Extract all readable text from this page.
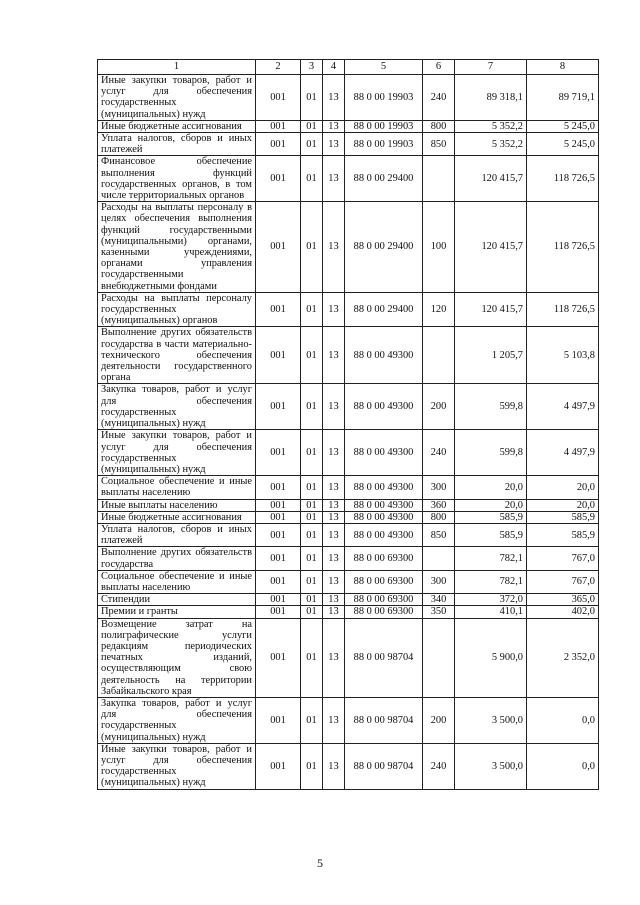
1	2	3	4	5	6	7	8
Иные закупки товаров, работ и услуг для обеспечения государственных (муниципальных) нужд	001	01	13	88 0 00 19903	240	89 318,1	89 719,1
Иные бюджетные ассигнования	001	01	13	88 0 00 19903	800	5 352,2	5 245,0
Уплата налогов, сборов и иных платежей	001	01	13	88 0 00 19903	850	5 352,2	5 245,0
Финансовое обеспечение выполнения функций государственных органов, в том числе территориальных органов	001	01	13	88 0 00 29400		120 415,7	118 726,5
Расходы на выплаты персоналу в целях обеспечения выполнения функций государственными (муниципальными) органами, казенными учреждениями, органами управления государственными внебюджетными фондами	001	01	13	88 0 00 29400	100	120 415,7	118 726,5
Расходы на выплаты персоналу государственных (муниципальных) органов	001	01	13	88 0 00 29400	120	120 415,7	118 726,5
Выполнение других обязательств государства в части материально-технического обеспечения деятельности государственного органа	001	01	13	88 0 00 49300		1 205,7	5 103,8
Закупка товаров, работ и услуг для обеспечения государственных (муниципальных) нужд	001	01	13	88 0 00 49300	200	599,8	4 497,9
Иные закупки товаров, работ и услуг для обеспечения государственных (муниципальных) нужд	001	01	13	88 0 00 49300	240	599,8	4 497,9
Социальное обеспечение и иные выплаты населению	001	01	13	88 0 00 49300	300	20,0	20,0
Иные выплаты населению	001	01	13	88 0 00 49300	360	20,0	20,0
Иные бюджетные ассигнования	001	01	13	88 0 00 49300	800	585,9	585,9
Уплата налогов, сборов и иных платежей	001	01	13	88 0 00 49300	850	585,9	585,9
Выполнение других обязательств государства	001	01	13	88 0 00 69300		782,1	767,0
Социальное обеспечение и иные выплаты населению	001	01	13	88 0 00 69300	300	782,1	767,0
Стипендии	001	01	13	88 0 00 69300	340	372,0	365,0
Премии и гранты	001	01	13	88 0 00 69300	350	410,1	402,0
Возмещение затрат на полиграфические услуги редакциям периодических печатных изданий, осуществляющим свою деятельность на территории Забайкальского края	001	01	13	88 0 00 98704		5 900,0	2 352,0
Закупка товаров, работ и услуг для обеспечения государственных (муниципальных) нужд	001	01	13	88 0 00 98704	200	3 500,0	0,0
Иные закупки товаров, работ и услуг для обеспечения государственных (муниципальных) нужд	001	01	13	88 0 00 98704	240	3 500,0	0,0
5
